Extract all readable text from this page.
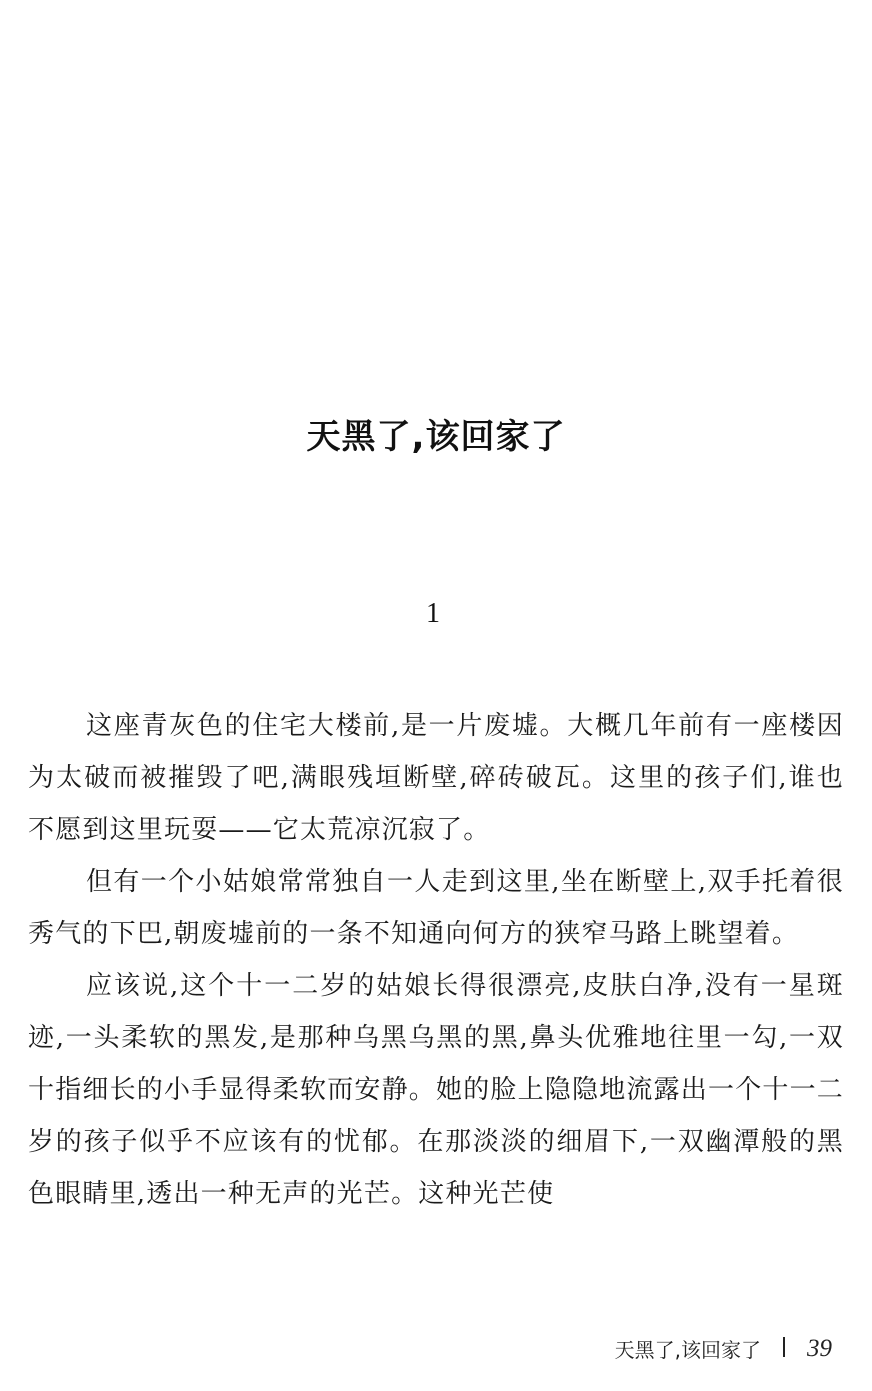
天黑了,该回家了
1

这座青灰色的住宅大楼前,是一片废墟。大概几年前有一座楼因为太破而被摧毁了吧,满眼残垣断壁,碎砖破瓦。这里的孩子们,谁也不愿到这里玩耍——它太荒凉沉寂了。

但有一个小姑娘常常独自一人走到这里,坐在断壁上,双手托着很秀气的下巴,朝废墟前的一条不知通向何方的狭窄马路上眺望着。

应该说,这个十一二岁的姑娘长得很漂亮,皮肤白净,没有一星斑迹,一头柔软的黑发,是那种乌黑乌黑的黑,鼻头优雅地往里一勾,一双十指细长的小手显得柔软而安静。她的脸上隐隐地流露出一个十一二岁的孩子似乎不应该有的忧郁。在那淡淡的细眉下,一双幽潭般的黑色眼睛里,透出一种无声的光芒。这种光芒使

天黑了,该回家了 39
